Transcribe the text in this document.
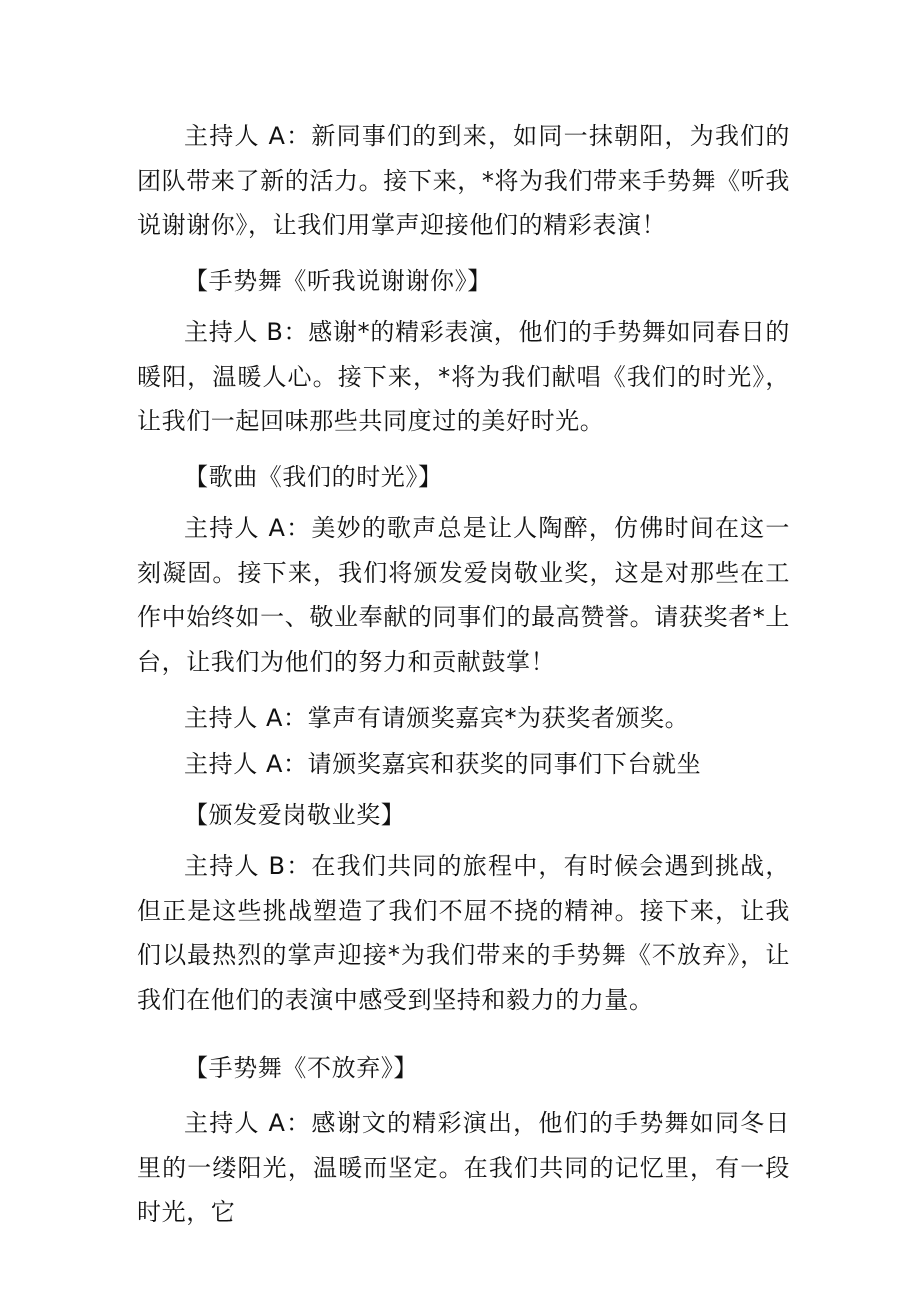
主持人 A：新同事们的到来，如同一抹朝阳，为我们的团队带来了新的活力。接下来，*将为我们带来手势舞《听我说谢谢你》，让我们用掌声迎接他们的精彩表演！

【手势舞《听我说谢谢你》】

主持人 B：感谢*的精彩表演，他们的手势舞如同春日的暖阳，温暖人心。接下来，*将为我们献唱《我们的时光》，让我们一起回味那些共同度过的美好时光。

【歌曲《我们的时光》】

主持人 A：美妙的歌声总是让人陶醉，仿佛时间在这一刻凝固。接下来，我们将颁发爱岗敬业奖，这是对那些在工作中始终如一、敬业奉献的同事们的最高赞誉。请获奖者*上台，让我们为他们的努力和贡献鼓掌！

主持人 A：掌声有请颁奖嘉宾*为获奖者颁奖。

主持人 A：请颁奖嘉宾和获奖的同事们下台就坐

【颁发爱岗敬业奖】

主持人 B：在我们共同的旅程中，有时候会遇到挑战，但正是这些挑战塑造了我们不屈不挠的精神。接下来，让我们以最热烈的掌声迎接*为我们带来的手势舞《不放弃》，让我们在他们的表演中感受到坚持和毅力的力量。

【手势舞《不放弃》】

主持人 A：感谢文的精彩演出，他们的手势舞如同冬日里的一缕阳光，温暖而坚定。在我们共同的记忆里，有一段时光，它
